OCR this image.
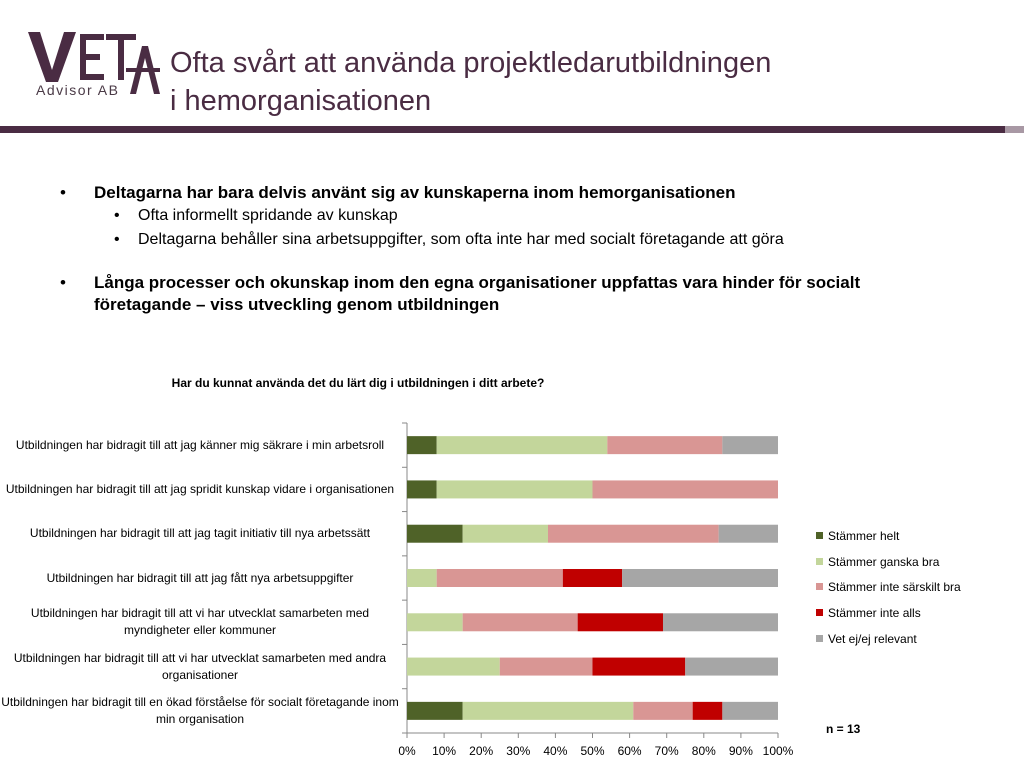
Advisor AB
Ofta svårt att använda projektledarutbildningen
i hemorganisationen
• Deltagarna har bara delvis använt sig av kunskaperna inom hemorganisationen
• Ofta informellt spridande av kunskap
• Deltagarna behåller sina arbetsuppgifter, som ofta inte har med socialt företagande att göra
• Långa processer och okunskap inom den egna organisationer uppfattas vara hinder för socialt företagande – viss utveckling genom utbildningen
Har du kunnat använda det du lärt dig i utbildningen i ditt arbete?
Utbildningen har bidragit till att jag känner mig säkrare i min arbetsroll
Utbildningen har bidragit till att jag spridit kunskap vidare i organisationen
Utbildningen har bidragit till att jag tagit initiativ till nya arbetssätt
Utbildningen har bidragit till att jag fått nya arbetsuppgifter
Utbildningen har bidragit till att vi har utvecklat samarbeten med myndigheter eller kommuner
Utbildningen har bidragit till att vi har utvecklat samarbeten med andra organisationer
Utbildningen har bidragit till en ökad förståelse för socialt företagande inom min organisation
0% 10% 20% 30% 40% 50% 60% 70% 80% 90% 100%
Stämmer helt
Stämmer ganska bra
Stämmer inte särskilt bra
Stämmer inte alls
Vet ej/ej relevant
n = 13
